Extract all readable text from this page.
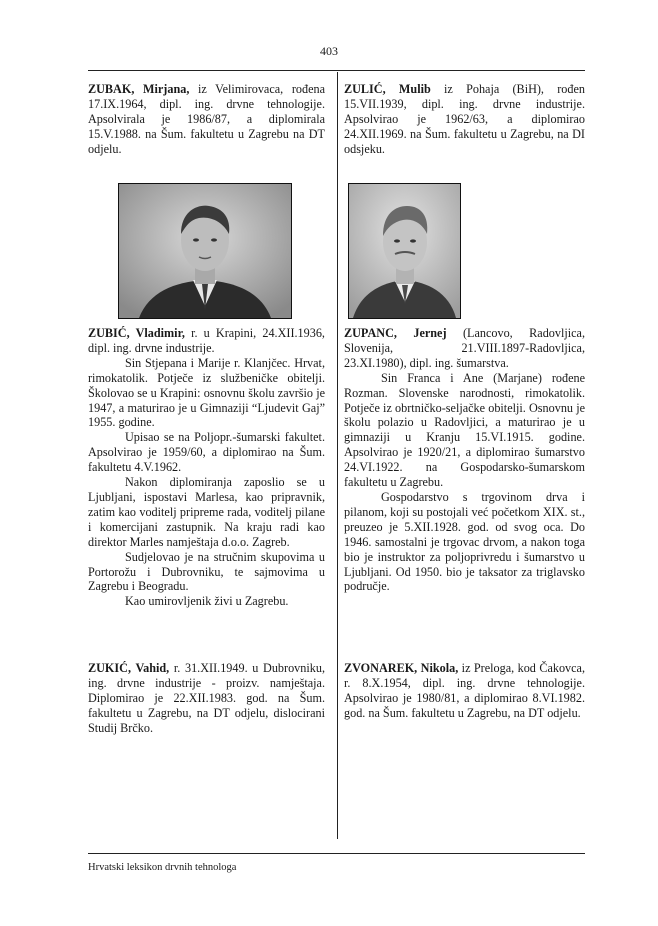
403

ZUBAK, Mirjana, iz Velimirovaca, rođena 17.IX.1964, dipl. ing. drvne tehnologije. Apsolvirala je 1986/87, a diplomirala 15.V.1988. na Šum. fakultetu u Zagrebu na DT odjelu.

ZULIĆ, Mulib iz Pohaja (BiH), rođen 15.VII.1939, dipl. ing. drvne industrije. Apsolvirao je 1962/63, a diplomirao 24.XII.1969. na Šum. fakultetu u Zagrebu, na DI odsjeku.

ZUBIĆ, Vladimir, r. u Krapini, 24.XII.1936, dipl. ing. drvne industrije.

Sin Stjepana i Marije r. Klanjčec. Hrvat, rimokatolik. Potječe iz službeničke obitelji. Školovao se u Krapini: osnovnu školu završio je 1947, a maturirao je u Gimnaziji “Ljudevit Gaj” 1955. godine.

Upisao se na Poljopr.-šumarski fakultet. Apsolvirao je 1959/60, a diplomirao na Šum. fakultetu 4.V.1962.

Nakon diplomiranja zaposlio se u Ljubljani, ispostavi Marlesa, kao pripravnik, zatim kao voditelj pripreme rada, voditelj pilane i komercijani zastupnik. Na kraju radi kao direktor Marles namještaja d.o.o. Zagreb.

Sudjelovao je na stručnim skupovima u Portorožu i Dubrovniku, te sajmovima u Zagrebu i Beogradu.

Kao umirovljenik živi u Zagrebu.

ZUPANC, Jernej (Lancovo, Radovljica, Slovenija, 21.VIII.1897-Radovljica, 23.XI.1980), dipl. ing. šumarstva.

Sin Franca i Ane (Marjane) rođene Rozman. Slovenske narodnosti, rimokatolik. Potječe iz obrtničko-seljačke obitelji. Osnovnu je školu polazio u Radovljici, a maturirao je u gimnaziji u Kranju 15.VI.1915. godine. Apsolvirao je 1920/21, a diplomirao šumarstvo 24.VI.1922. na Gospodarsko-šumarskom fakultetu u Zagrebu.

Gospodarstvo s trgovinom drva i pilanom, koji su postojali već početkom XIX. st., preuzeo je 5.XII.1928. god. od svog oca. Do 1946. samostalni je trgovac drvom, a nakon toga bio je instruktor za poljoprivredu i šumarstvo u Ljubljani. Od 1950. bio je taksator za triglavsko područje.

ZUKIĆ, Vahid, r. 31.XII.1949. u Dubrovniku, ing. drvne industrije - proizv. namještaja. Diplomirao je 22.XII.1983. god. na Šum. fakultetu u Zagrebu, na DT odjelu, dislocirani Studij Brčko.

ZVONAREK, Nikola, iz Preloga, kod Čakovca, r. 8.X.1954, dipl. ing. drvne tehnologije. Apsolvirao je 1980/81, a diplomirao 8.VI.1982. god. na Šum. fakultetu u Zagrebu, na DT odjelu.

Hrvatski leksikon drvnih tehnologa
